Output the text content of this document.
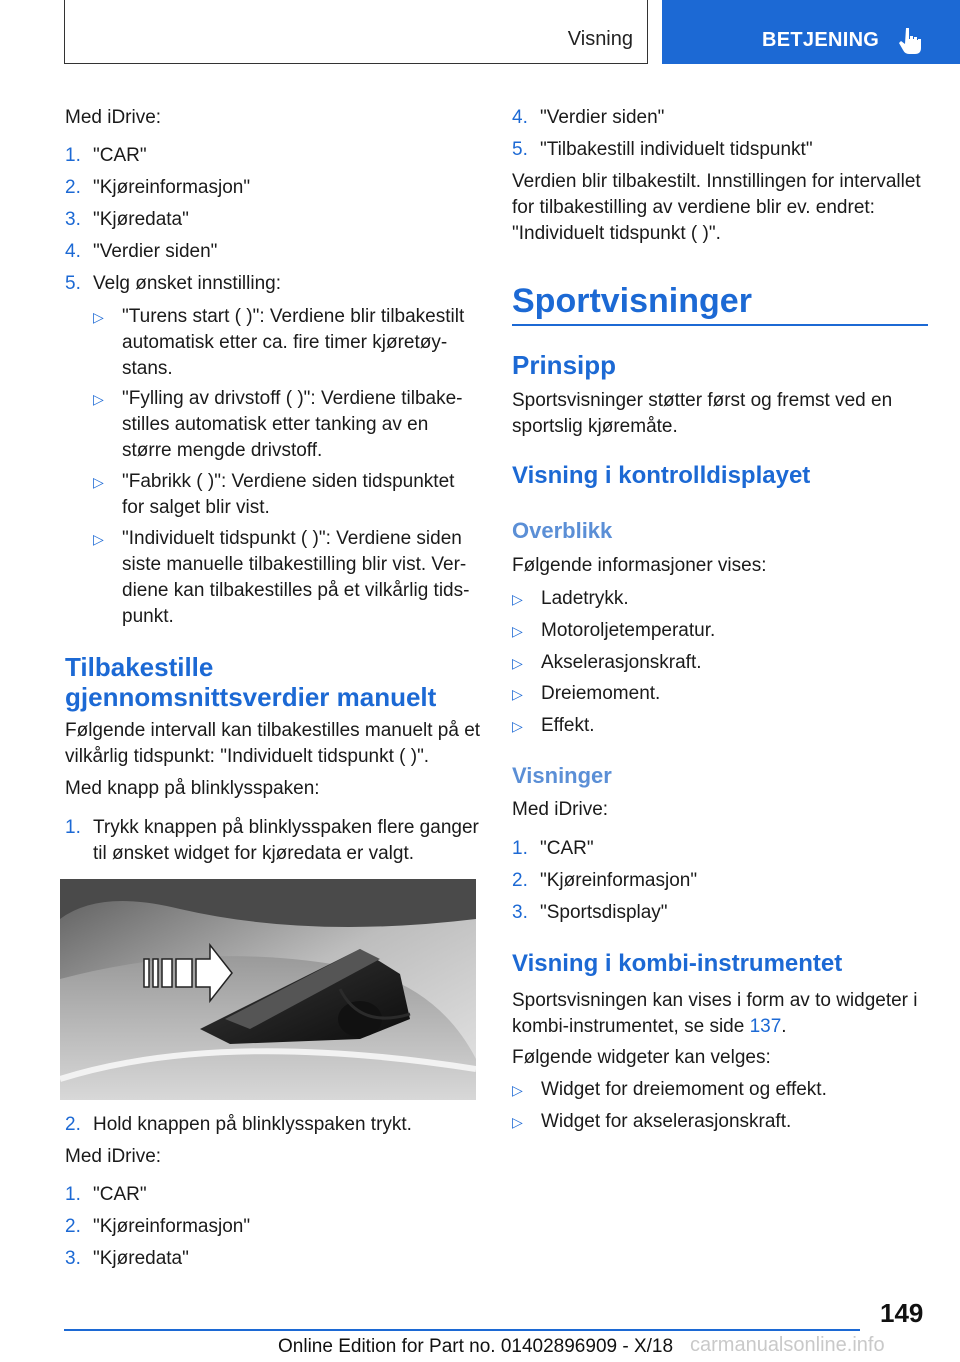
Visning	BETJENING
Med iDrive:
1. "CAR"
2. "Kjøreinformasjon"
3. "Kjøredata"
4. "Verdier siden"
5. Velg ønsket innstilling:
▷ "Turens start ( )": Verdiene blir tilbakestilt
automatisk etter ca. fire timer kjøretøy-
stans.
▷ "Fylling av drivstoff ( )": Verdiene tilbake-
stilles automatisk etter tanking av en
større mengde drivstoff.
▷ "Fabrikk ( )": Verdiene siden tidspunktet
for salget blir vist.
▷ "Individuelt tidspunkt ( )": Verdiene siden
siste manuelle tilbakestilling blir vist. Ver-
diene kan tilbakestilles på et vilkårlig tids-
punkt.
Tilbakestille
gjennomsnittsverdier manuelt
Følgende intervall kan tilbakestilles manuelt på et
vilkårlig tidspunkt: "Individuelt tidspunkt ( )".
Med knapp på blinklysspaken:
1. Trykk knappen på blinklysspaken flere ganger
til ønsket widget for kjøredata er valgt.
2. Hold knappen på blinklysspaken trykt.
Med iDrive:
1. "CAR"
2. "Kjøreinformasjon"
3. "Kjøredata"
4. "Verdier siden"
5. "Tilbakestill individuelt tidspunkt"
Verdien blir tilbakestilt. Innstillingen for intervallet
for tilbakestilling av verdiene blir ev. endret:
"Individuelt tidspunkt ( )".
Sportvisninger
Prinsipp
Sportsvisninger støtter først og fremst ved en
sportslig kjøremåte.
Visning i kontrolldisplayet
Overblikk
Følgende informasjoner vises:
▷ Ladetrykk.
▷ Motoroljetemperatur.
▷ Akselerasjonskraft.
▷ Dreiemoment.
▷ Effekt.
Visninger
Med iDrive:
1. "CAR"
2. "Kjøreinformasjon"
3. "Sportsdisplay"
Visning i kombi-instrumentet
Sportsvisningen kan vises i form av to widgeter i
kombi-instrumentet, se side 137.
Følgende widgeter kan velges:
▷ Widget for dreiemoment og effekt.
▷ Widget for akselerasjonskraft.
149
carmanualsonline.info
Online Edition for Part no. 01402896909 - X/18
